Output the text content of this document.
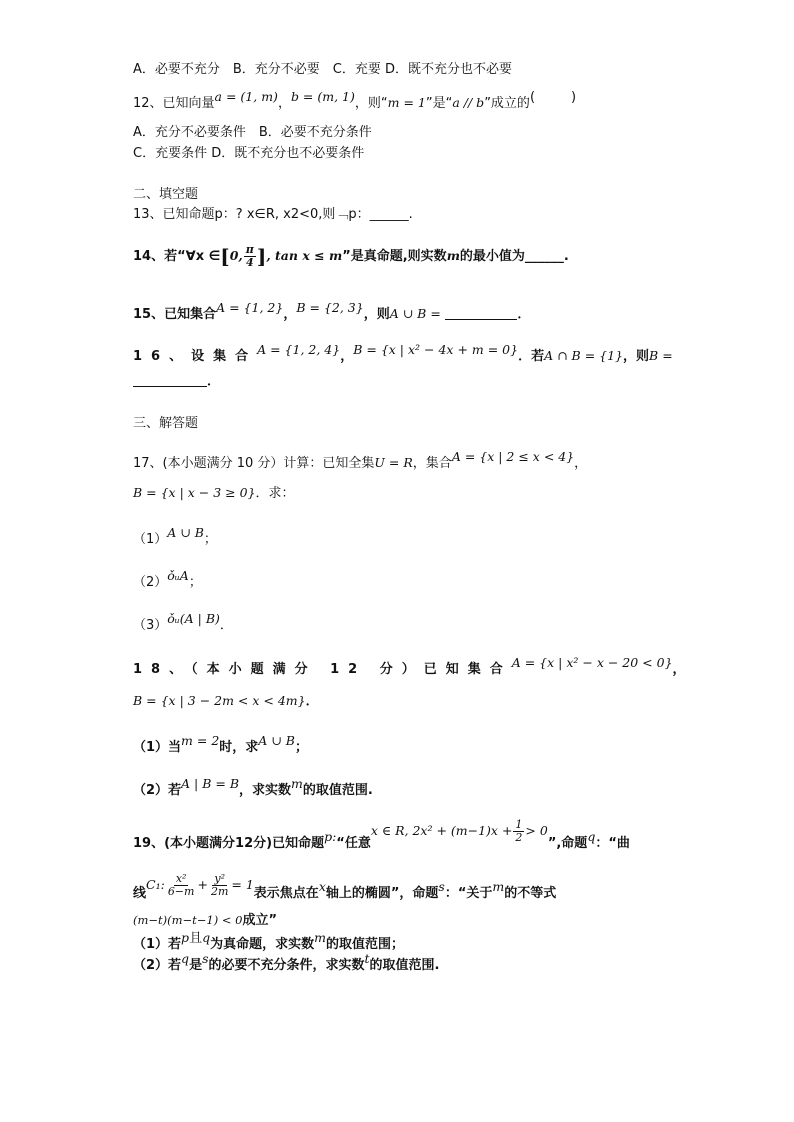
A．必要不充分　B．充分不必要　C．充要 D．既不充分也不必要
12、已知向量a = (1, m)，b = (m, 1)，则“m = 1”是“a // b”成立的(	)
A．充分不必要条件　B．必要不充分条件
C．充要条件 D．既不充分也不必要条件
二、填空题
13、已知命题p：? x∈R, x2<0,则﹁p：______.
14、若“∀x ∈[0, $\frac{\pi}{4}$ ], tan x ≤ m”是真命题,则实数m的最小值为______.
15、已知集合A = {1, 2}，B = {2, 3}，则A ∪ B =	．
16、设集合A = {1, 2, 4}，B = {x | x² − 4x + m = 0}．若A ∩ B = {1}，则B =
．
三、解答题
17、(本小题满分 10 分）计算：已知全集U = R，集合A = {x | 2 ≤ x < 4}，
B = {x | x − 3 ≥ 0}．求：
（1）A ∪ B；
（2）ǒᵤA；
（3）ǒᵤ(A | B)．
18、（本小题满分 12 分）已知集合A = {x | x² − x − 20 < 0}，
B = {x | 3 − 2m < x < 4m}．
（1）当m = 2时，求A ∪ B；
（2）若A | B = B，求实数m的取值范围.
19、(本小题满分12分)已知命题p:“任意x ∈ R, $2x^2 + (m-1)x + \frac{1}{2} > 0$”,命题q：“曲
线C₁: $\frac{\text{x²}}{6-m} + \frac{\text{y²}}{2m} = 1$表示焦点在x轴上的椭圆”，命题s：“关于m的不等式
(m−t)(m−t−1) < 0成立”
（1）若p且q为真命题，求实数m的取值范围；
（2）若q是s的必要不充分条件，求实数t的取值范围.
